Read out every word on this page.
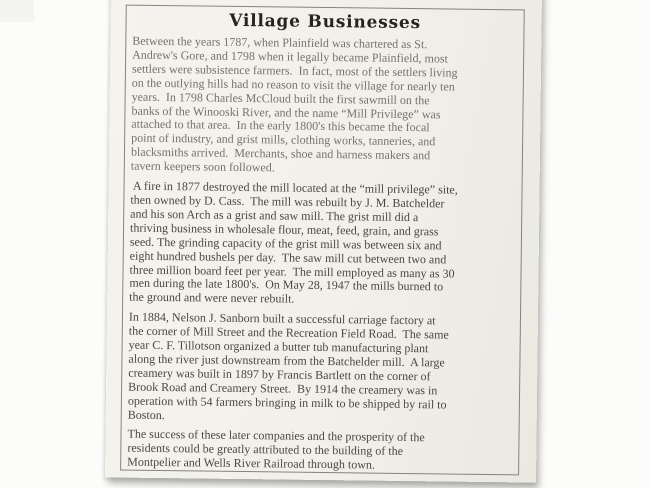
Village Businesses

Between the years 1787, when Plainfield was chartered as St.
Andrew's Gore, and 1798 when it legally became Plainfield, most
settlers were subsistence farmers.  In fact, most of the settlers living
on the outlying hills had no reason to visit the village for nearly ten
years.  In 1798 Charles McCloud built the first sawmill on the
banks of the Winooski River, and the name “Mill Privilege” was
attached to that area.  In the early 1800's this became the focal
point of industry, and grist mills, clothing works, tanneries, and
blacksmiths arrived.  Merchants, shoe and harness makers and
tavern keepers soon followed.

A fire in 1877 destroyed the mill located at the “mill privilege” site,
then owned by D. Cass.  The mill was rebuilt by J. M. Batchelder
and his son Arch as a grist and saw mill. The grist mill did a
thriving business in wholesale flour, meat, feed, grain, and grass
seed. The grinding capacity of the grist mill was between six and
eight hundred bushels per day.  The saw mill cut between two and
three million board feet per year.  The mill employed as many as 30
men during the late 1800's.  On May 28, 1947 the mills burned to
the ground and were never rebuilt.

In 1884, Nelson J. Sanborn built a successful carriage factory at
the corner of Mill Street and the Recreation Field Road.  The same
year C. F. Tillotson organized a butter tub manufacturing plant
along the river just downstream from the Batchelder mill.  A large
creamery was built in 1897 by Francis Bartlett on the corner of
Brook Road and Creamery Street.  By 1914 the creamery was in
operation with 54 farmers bringing in milk to be shipped by rail to
Boston.

The success of these later companies and the prosperity of the
residents could be greatly attributed to the building of the
Montpelier and Wells River Railroad through town.
